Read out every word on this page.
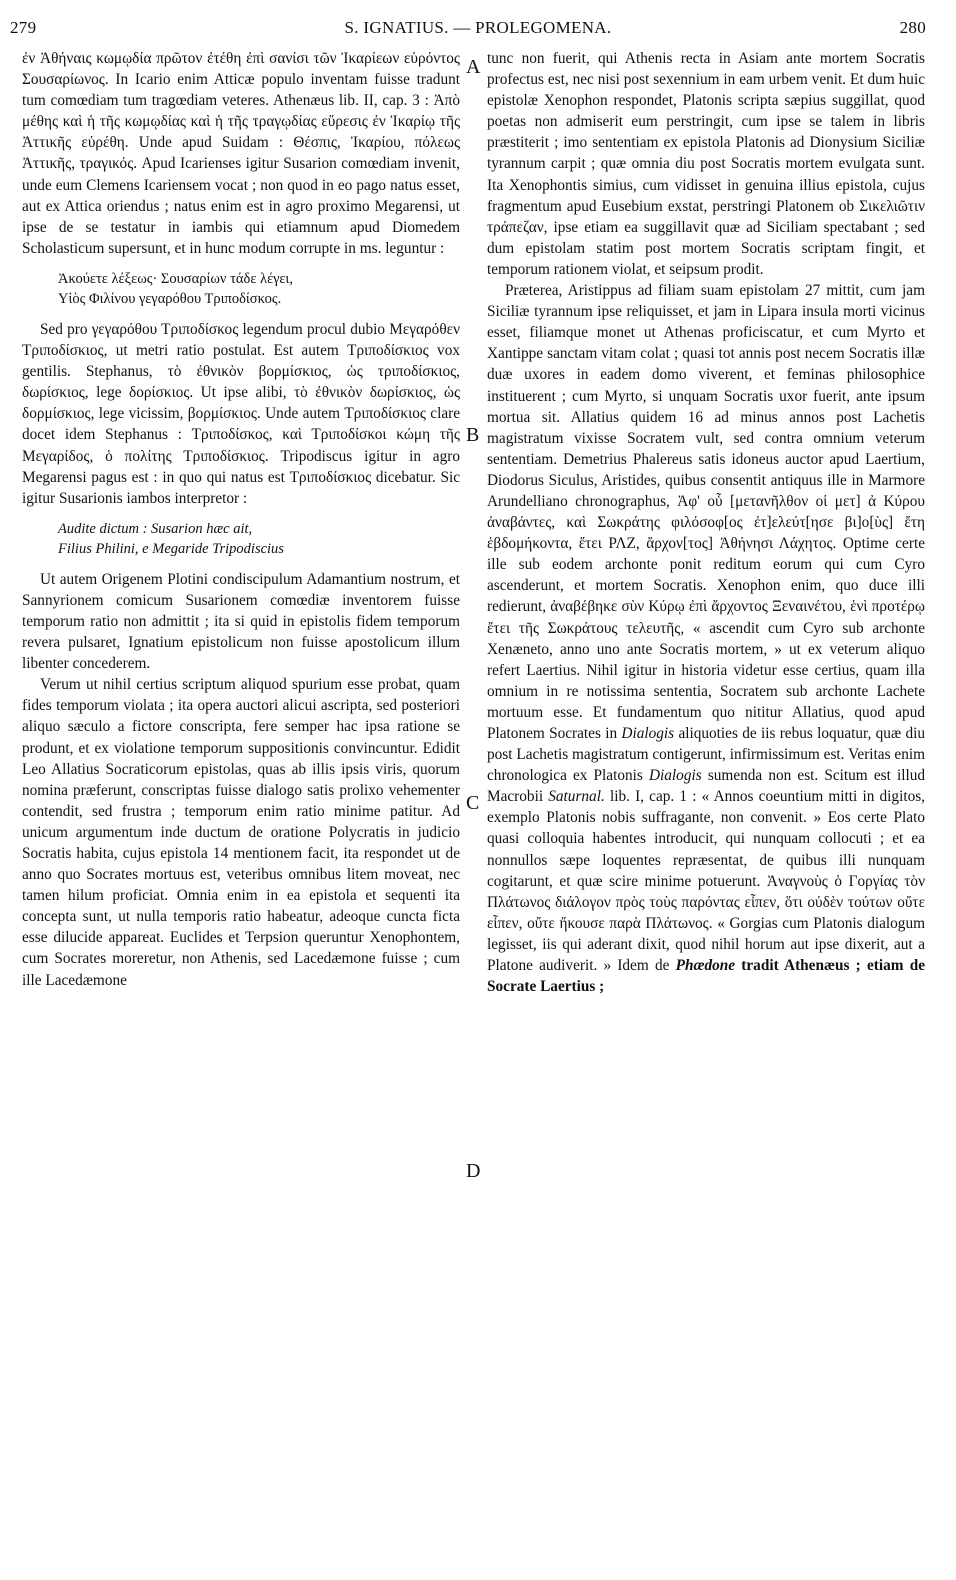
279	S. IGNATIUS. — PROLEGOMENA.	280
A
B
C
D

ἐν Ἀθήναις κωμῳδία πρῶτον ἐτέθη ἐπὶ σανίσι τῶν Ἰκαρίεων εὑρόντος Σουσαρίωνος. In Icario enim Atticæ populo inventam fuisse tradunt tum comœdiam tum tragœdiam veteres. Athenæus lib. II, cap. 3 : Ἀπὸ μέθης καὶ ἡ τῆς κωμῳδίας καὶ ἡ τῆς τραγῳδίας εὕρεσις ἐν Ἰκαρίῳ τῆς Ἀττικῆς εὑρέθη. Unde apud Suidam : Θέσπις, Ἰκαρίου, πόλεως Ἀττικῆς, τραγικός. Apud Icarienses igitur Susarion comœdiam invenit, unde eum Clemens Icariensem vocat ; non quod in eo pago natus esset, aut ex Attica oriendus ; natus enim est in agro proximo Megarensi, ut ipse de se testatur in iambis qui etiamnum apud Diomedem Scholasticum supersunt, et in hunc modum corrupte in ms. leguntur :

Ἀκούετε λέξεως· Σουσαρίων τάδε λέγει,
Υἱὸς Φιλίνου γεγαρόθου Τριποδίσκος.

Sed pro γεγαρόθου Τριποδίσκος legendum procul dubio Μεγαρόθεν Τριποδίσκιος, ut metri ratio postulat. Est autem Τριποδίσκιος vox gentilis. Stephanus, τὸ ἐθνικὸν βορμίσκιος, ὡς τριποδίσκιος, δωρίσκιος, lege δορίσκιος. Ut ipse alibi, τὸ ἐθνικὸν δωρίσκιος, ὡς δορμίσκιος, lege vicissim, βορμίσκιος. Unde autem Τριποδίσκιος clare docet idem Stephanus : Τριποδίσκος, καὶ Τριποδίσκοι κώμη τῆς Μεγαρίδος, ὁ πολίτης Τριποδίσκιος. Tripodiscus igitur in agro Megarensi pagus est : in quo qui natus est Τριποδίσκιος dicebatur. Sic igitur Susarionis iambos interpretor :

Audite dictum : Susarion hæc ait,
Filius Philini, e Megaride Tripodiscius

Ut autem Origenem Plotini condiscipulum Adamantium nostrum, et Sannyrionem comicum Susarionem comœdiæ inventorem fuisse temporum ratio non admittit ; ita si quid in epistolis fidem temporum revera pulsaret, Ignatium epistolicum non fuisse apostolicum illum libenter concederem.

Verum ut nihil certius scriptum aliquod spurium esse probat, quam fides temporum violata ; ita opera auctori alicui ascripta, sed posteriori aliquo sæculo a fictore conscripta, fere semper hac ipsa ratione se produnt, et ex violatione temporum suppositionis convincuntur. Edidit Leo Allatius Socraticorum epistolas, quas ab illis ipsis viris, quorum nomina præferunt, conscriptas fuisse dialogo satis prolixo vehementer contendit, sed frustra ; temporum enim ratio minime patitur. Ad unicum argumentum inde ductum de oratione Polycratis in judicio Socratis habita, cujus epistola 14 mentionem facit, ita respondet ut de anno quo Socrates mortuus est, veteribus omnibus litem moveat, nec tamen hilum proficiat. Omnia enim in ea epistola et sequenti ita concepta sunt, ut nulla temporis ratio habeatur, adeoque cuncta ficta esse dilucide appareat. Euclides et Terpsion queruntur Xenophontem, cum Socrates moreretur, non Athenis, sed Lacedæmone fuisse ; cum ille Lacedæmone

tunc non fuerit, qui Athenis recta in Asiam ante mortem Socratis profectus est, nec nisi post sexennium in eam urbem venit. Et dum huic epistolæ Xenophon respondet, Platonis scripta sæpius suggillat, quod poetas non admiserit eum perstringit, cum ipse se talem in libris præstiterit ; imo sententiam ex epistola Platonis ad Dionysium Siciliæ tyrannum carpit ; quæ omnia diu post Socratis mortem evulgata sunt. Ita Xenophontis simius, cum vidisset in genuina illius epistola, cujus fragmentum apud Eusebium exstat, perstringi Platonem ob Σικελιῶτιν τράπεζαν, ipse etiam ea suggillavit quæ ad Siciliam spectabant ; sed dum epistolam statim post mortem Socratis scriptam fingit, et temporum rationem violat, et seipsum prodit.

Præterea, Aristippus ad filiam suam epistolam 27 mittit, cum jam Siciliæ tyrannum ipse reliquisset, et jam in Lipara insula morti vicinus esset, filiamque monet ut Athenas proficiscatur, et cum Myrto et Xantippe sanctam vitam colat ; quasi tot annis post necem Socratis illæ duæ uxores in eadem domo viverent, et feminas philosophice instituerent ; cum Myrto, si unquam Socratis uxor fuerit, ante ipsum mortua sit. Allatius quidem 16 ad minus annos post Lachetis magistratum vixisse Socratem vult, sed contra omnium veterum sententiam. Demetrius Phalereus satis idoneus auctor apud Laertium, Diodorus Siculus, Aristides, quibus consentit antiquus ille in Marmore Arundelliano chronographus, Ἀφ' οὗ [μετανῆλθον οἱ μετ] ἀ Κύρου ἀναβάντες, καὶ Σωκράτης φιλόσοφ[ος ἐτ]ελεύτ[ησε βι]ο[ὺς] ἔτη ἑβδομήκοντα, ἔτει ΡΛΖ, ἄρχον[τος] Ἀθήνησι Λάχητος. Optime certe ille sub eodem archonte ponit reditum eorum qui cum Cyro ascenderunt, et mortem Socratis. Xenophon enim, quo duce illi redierunt, ἀναβέβηκε σὺν Κύρῳ ἐπὶ ἄρχοντος Ξεναινέτου, ἑνὶ προτέρῳ ἔτει τῆς Σωκράτους τελευτῆς, « ascendit cum Cyro sub archonte Xenæneto, anno uno ante Socratis mortem, » ut ex veterum aliquo refert Laertius. Nihil igitur in historia videtur esse certius, quam illa omnium in re notissima sententia, Socratem sub archonte Lachete mortuum esse. Et fundamentum quo nititur Allatius, quod apud Platonem Socrates in Dialogis aliquoties de iis rebus loquatur, quæ diu post Lachetis magistratum contigerunt, infirmissimum est. Veritas enim chronologica ex Platonis Dialogis sumenda non est. Scitum est illud Macrobii Saturnal. lib. I, cap. 1 : « Annos coeuntium mitti in digitos, exemplo Platonis nobis suffragante, non convenit. » Eos certe Plato quasi colloquia habentes introducit, qui nunquam collocuti ; et ea nonnullos sæpe loquentes repræsentat, de quibus illi nunquam cogitarunt, et quæ scire minime potuerunt. Ἀναγνοὺς ὁ Γοργίας τὸν Πλάτωνος διάλογον πρὸς τοὺς παρόντας εἶπεν, ὅτι οὐδὲν τούτων οὔτε εἶπεν, οὔτε ἤκουσε παρὰ Πλάτωνος. « Gorgias cum Platonis dialogum legisset, iis qui aderant dixit, quod nihil horum aut ipse dixerit, aut a Platone audiverit. » Idem de Phædone tradit Athenæus ; etiam de Socrate Laertius ;
